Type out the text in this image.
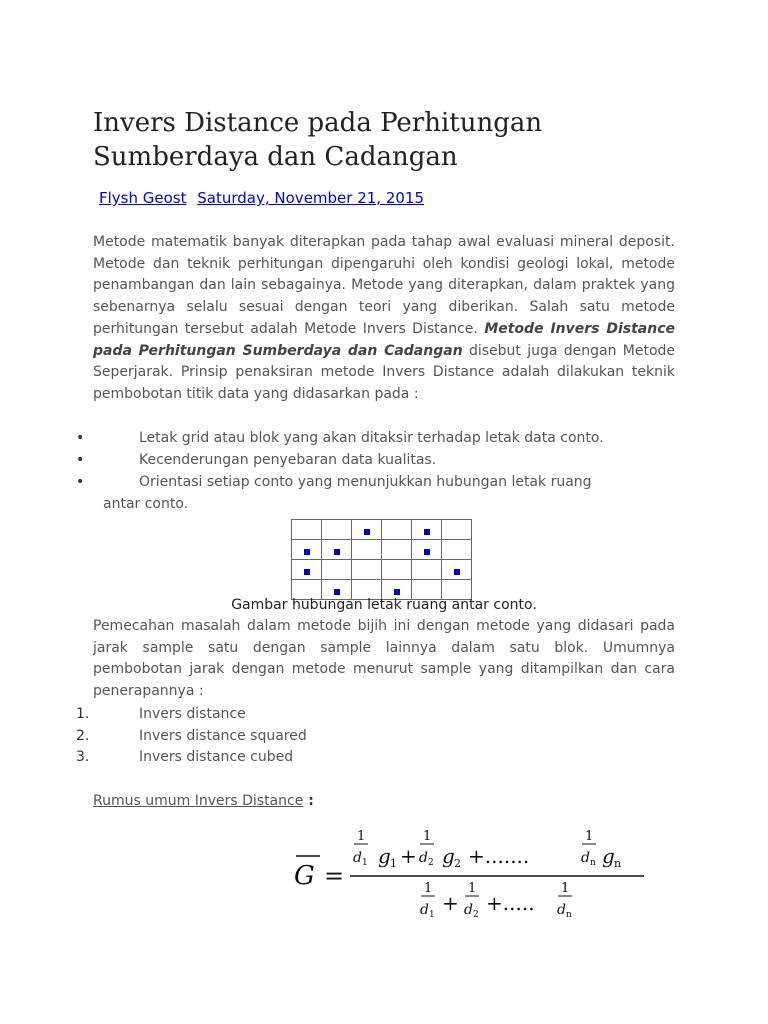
Invers Distance pada Perhitungan Sumberdaya dan Cadangan
Flysh Geost Saturday, November 21, 2015

Metode matematik banyak diterapkan pada tahap awal evaluasi mineral deposit. Metode dan teknik perhitungan dipengaruhi oleh kondisi geologi lokal, metode penambangan dan lain sebagainya. Metode yang diterapkan, dalam praktek yang sebenarnya selalu sesuai dengan teori yang diberikan. Salah satu metode perhitungan tersebut adalah Metode Invers Distance. Metode Invers Distance pada Perhitungan Sumberdaya dan Cadangan disebut juga dengan Metode Seperjarak. Prinsip penaksiran metode Invers Distance adalah dilakukan teknik pembobotan titik data yang didasarkan pada :

•	Letak grid atau blok yang akan ditaksir terhadap letak data conto.
•	Kecenderungan penyebaran data kualitas.
•	Orientasi setiap conto yang menunjukkan hubungan letak ruang
antar conto.

Gambar hubungan letak ruang antar conto.

Pemecahan masalah dalam metode bijih ini dengan metode yang didasari pada jarak sample satu dengan sample lainnya dalam satu blok. Umumnya pembobotan jarak dengan metode menurut sample yang ditampilkan dan cara penerapannya :

1.	Invers distance
2.	Invers distance squared
3.	Invers distance cubed
Rumus umum Invers Distance :
G =
1
d 1 g 1 +
1
d 2 g 2 +.......
1
d n g n
1
d 1 +
1
d 2 +.....
1
d n
